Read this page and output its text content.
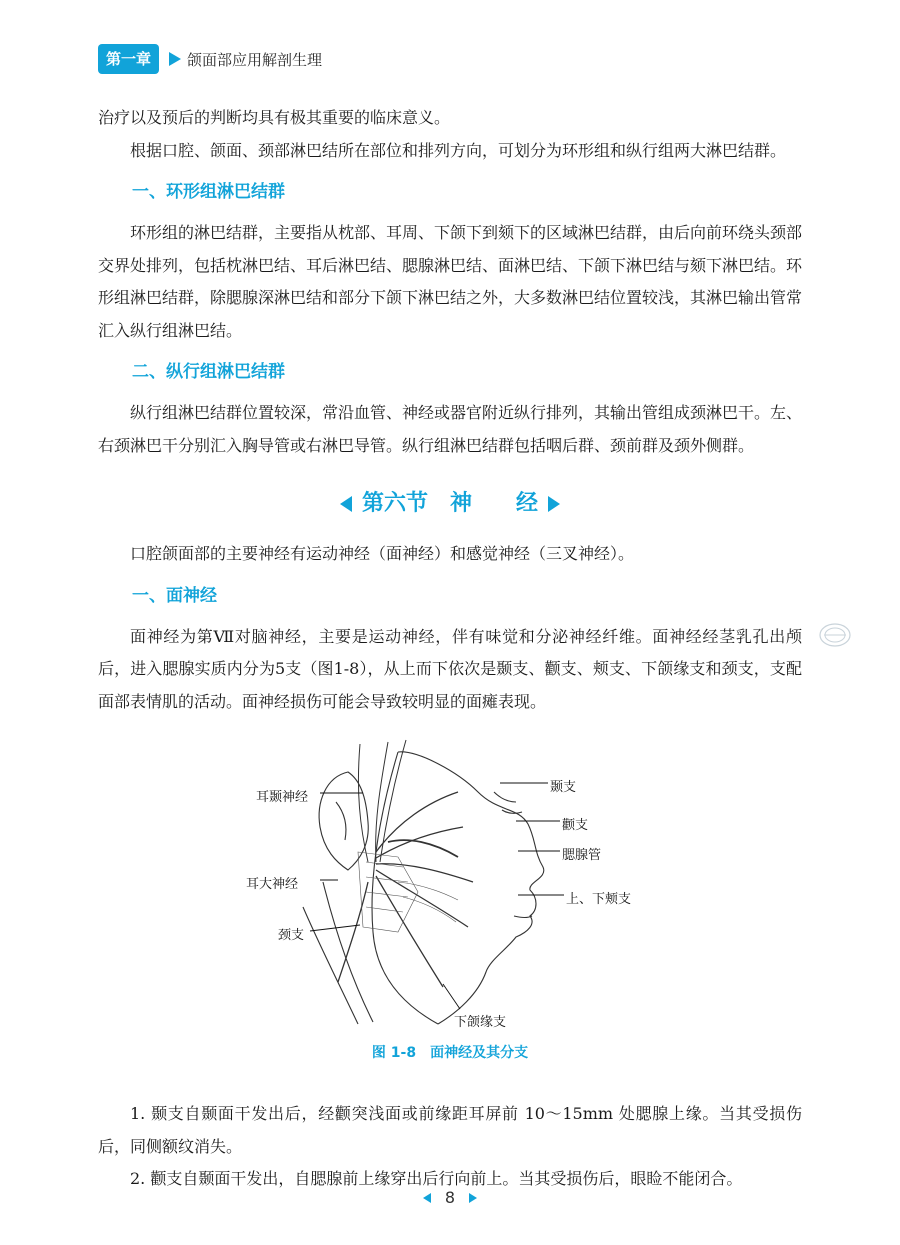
第一章	颌面部应用解剖生理

治疗以及预后的判断均具有极其重要的临床意义。

根据口腔、颌面、颈部淋巴结所在部位和排列方向，可划分为环形组和纵行组两大淋巴结群。

一、环形组淋巴结群

环形组的淋巴结群，主要指从枕部、耳周、下颌下到颏下的区域淋巴结群，由后向前环绕头颈部交界处排列，包括枕淋巴结、耳后淋巴结、腮腺淋巴结、面淋巴结、下颌下淋巴结与颏下淋巴结。环形组淋巴结群，除腮腺深淋巴结和部分下颌下淋巴结之外，大多数淋巴结位置较浅，其淋巴输出管常汇入纵行组淋巴结。

二、纵行组淋巴结群

纵行组淋巴结群位置较深，常沿血管、神经或器官附近纵行排列，其输出管组成颈淋巴干。左、右颈淋巴干分别汇入胸导管或右淋巴导管。纵行组淋巴结群包括咽后群、颈前群及颈外侧群。

第六节　神　　经

口腔颌面部的主要神经有运动神经（面神经）和感觉神经（三叉神经）。

一、面神经

面神经为第Ⅶ对脑神经，主要是运动神经，伴有味觉和分泌神经纤维。面神经经茎乳孔出颅后，进入腮腺实质内分为5支（图1-8），从上而下依次是颞支、颧支、颊支、下颌缘支和颈支，支配面部表情肌的活动。面神经损伤可能会导致较明显的面瘫表现。

耳颞神经
耳大神经
颈支
颞支
颧支
腮腺管
上、下颊支
下颌缘支
图 1-8　面神经及其分支

1. 颞支自颞面干发出后，经颧突浅面或前缘距耳屏前 10～15mm 处腮腺上缘。当其受损伤后，同侧额纹消失。

2. 颧支自颞面干发出，自腮腺前上缘穿出后行向前上。当其受损伤后，眼睑不能闭合。

8
